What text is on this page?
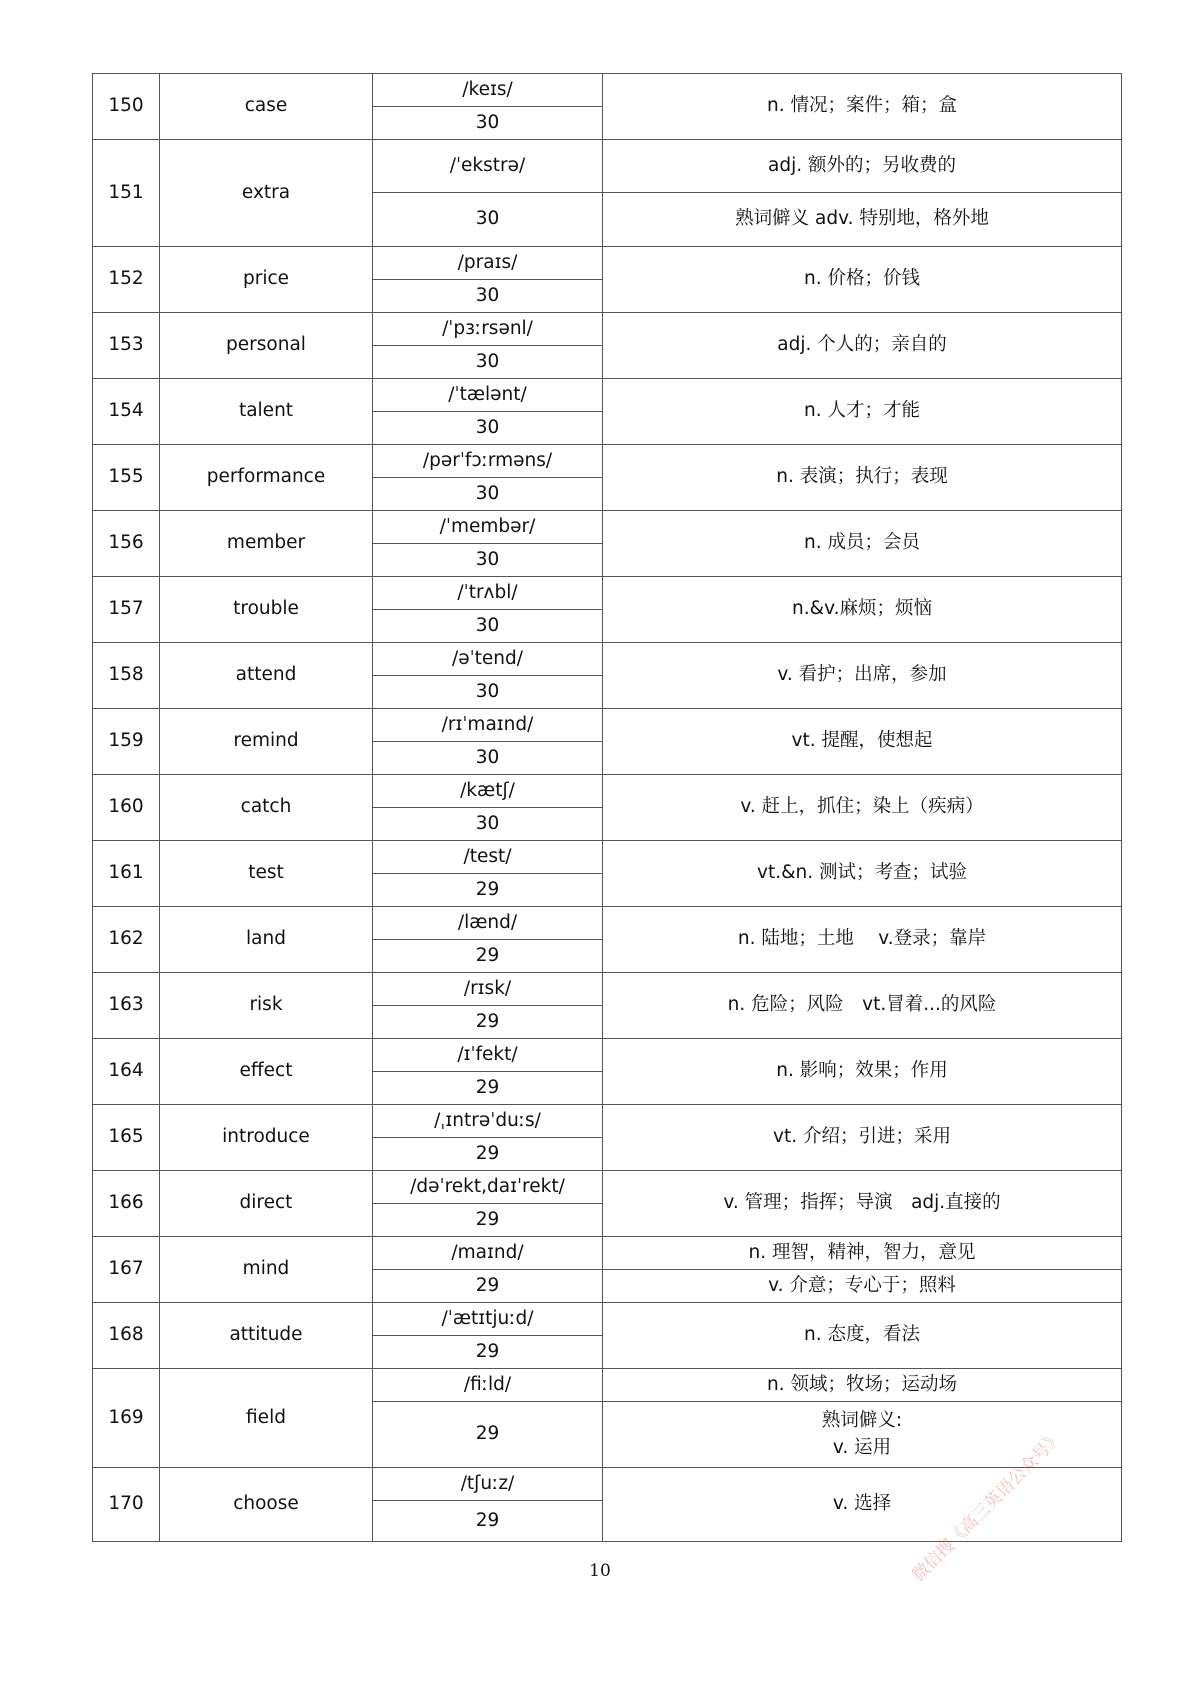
150	case	/keɪs/	n. 情况；案件；箱；盒
		30	
151	extra	/ˈekstrə/	adj. 额外的；另收费的
		30	熟词僻义 adv. 特别地，格外地
152	price	/praɪs/	n. 价格；价钱
		30	
153	personal	/ˈpɜːrsənl/	adj. 个人的；亲自的
		30	
154	talent	/ˈtælənt/	n. 人才；才能
		30	
155	performance	/pərˈfɔːrməns/	n. 表演；执行；表现
		30	
156	member	/ˈmembər/	n. 成员；会员
		30	
157	trouble	/ˈtrʌbl/	n.&v.麻烦；烦恼
		30	
158	attend	/əˈtend/	v. 看护；出席，参加
		30	
159	remind	/rɪˈmaɪnd/	vt. 提醒，使想起
		30	
160	catch	/kætʃ/	v. 赶上，抓住；染上（疾病）
		30	
161	test	/test/	vt.&n. 测试；考查；试验
		29	
162	land	/lænd/	n. 陆地；土地　 v.登录；靠岸
		29	
163	risk	/rɪsk/	n. 危险；风险　vt.冒着...的风险
		29	
164	effect	/ɪˈfekt/	n. 影响；效果；作用
		29	
165	introduce	/ˌɪntrəˈduːs/	vt. 介绍；引进；采用
		29	
166	direct	/dəˈrekt,daɪˈrekt/	v. 管理；指挥；导演　adj.直接的
		29	
167	mind	/maɪnd/	n. 理智，精神，智力，意见
		29	v. 介意；专心于；照料
168	attitude	/ˈætɪtjuːd/	n. 态度，看法
		29	
169	field	/fiːld/	n. 领域；牧场；运动场
		29	熟词僻义:
v. 运用
170	choose	/tʃuːz/	v. 选择
		29	
10	微信搜《高三英语公众号》
